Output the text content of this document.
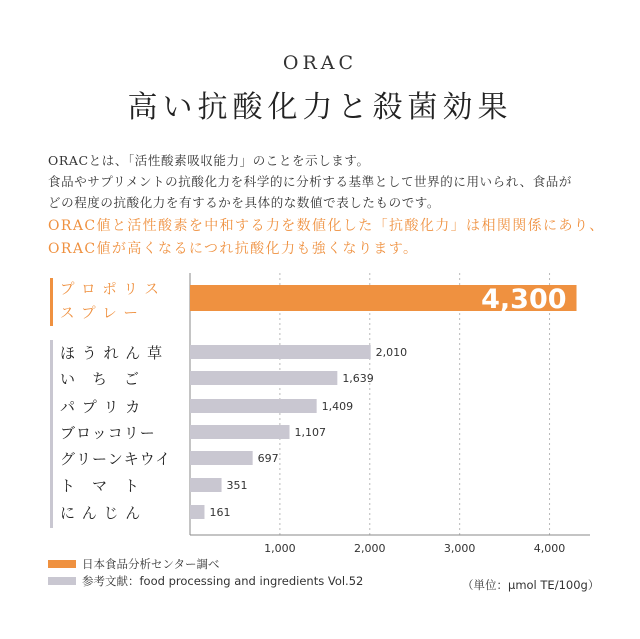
ORAC
高い抗酸化力と殺菌効果
ORACとは、「活性酸素吸収能力」のことを示します。
食品やサプリメントの抗酸化力を科学的に分析する基準として世界的に用いられ、食品が
どの程度の抗酸化力を有するかを具体的な数値で表したものです。
ORAC値と活性酸素を中和する力を数値化した「抗酸化力」は相関関係にあり、
ORAC値が高くなるにつれ抗酸化力も強くなります。
1,000	2,000	3,000	4,000
4,300
プ ロ ポ リ ス
ス プ レ ー
2,010
ほ う れ ん 草
1,639
い　ち　ご
1,409
パ プ リ カ
1,107
ブロッコリー
697
グリーンキウイ
351
ト　マ　ト
161
に ん じ ん
日本食品分析センター調べ
参考文献：food processing and ingredients Vol.52	（単位：μmol TE/100g）
